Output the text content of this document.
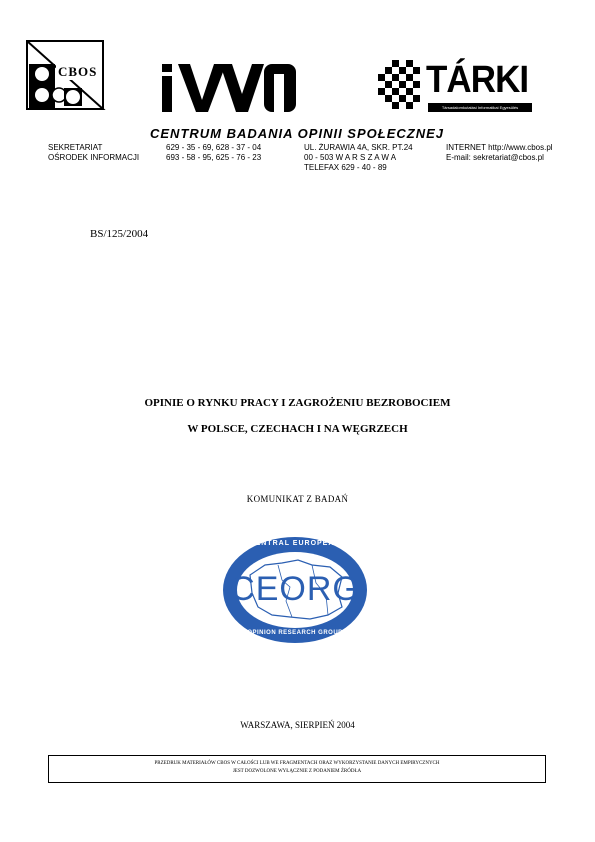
CBOS	TÁRKI
Társadalomkutatási Informatikai Egyesülés
CENTRUM BADANIA OPINII SPOŁECZNEJ
SEKRETARIAT
OŚRODEK INFORMACJI
629 - 35 - 69, 628 - 37 - 04
693 - 58 - 95, 625 - 76 - 23
UL. ŻURAWIA 4A, SKR. PT.24
00 - 503 W A R S Z A W A
TELEFAX 629 - 40 - 89
INTERNET http://www.cbos.pl
E-mail: sekretariat@cbos.pl
BS/125/2004
OPINIE O RYNKU PRACY I ZAGROŻENIU BEZROBOCIEM
W POLSCE, CZECHACH I NA WĘGRZECH
KOMUNIKAT Z BADAŃ
CENTRAL EUROPEAN
CEORG
OPINION RESEARCH GROUP
WARSZAWA, SIERPIEŃ 2004
PRZEDRUK MATERIAŁÓW CBOS W CAŁOŚCI LUB WE FRAGMENTACH ORAZ WYKORZYSTANIE DANYCH EMPIRYCZNYCH
JEST DOZWOLONE WYŁĄCZNIE Z PODANIEM ŹRÓDŁA
